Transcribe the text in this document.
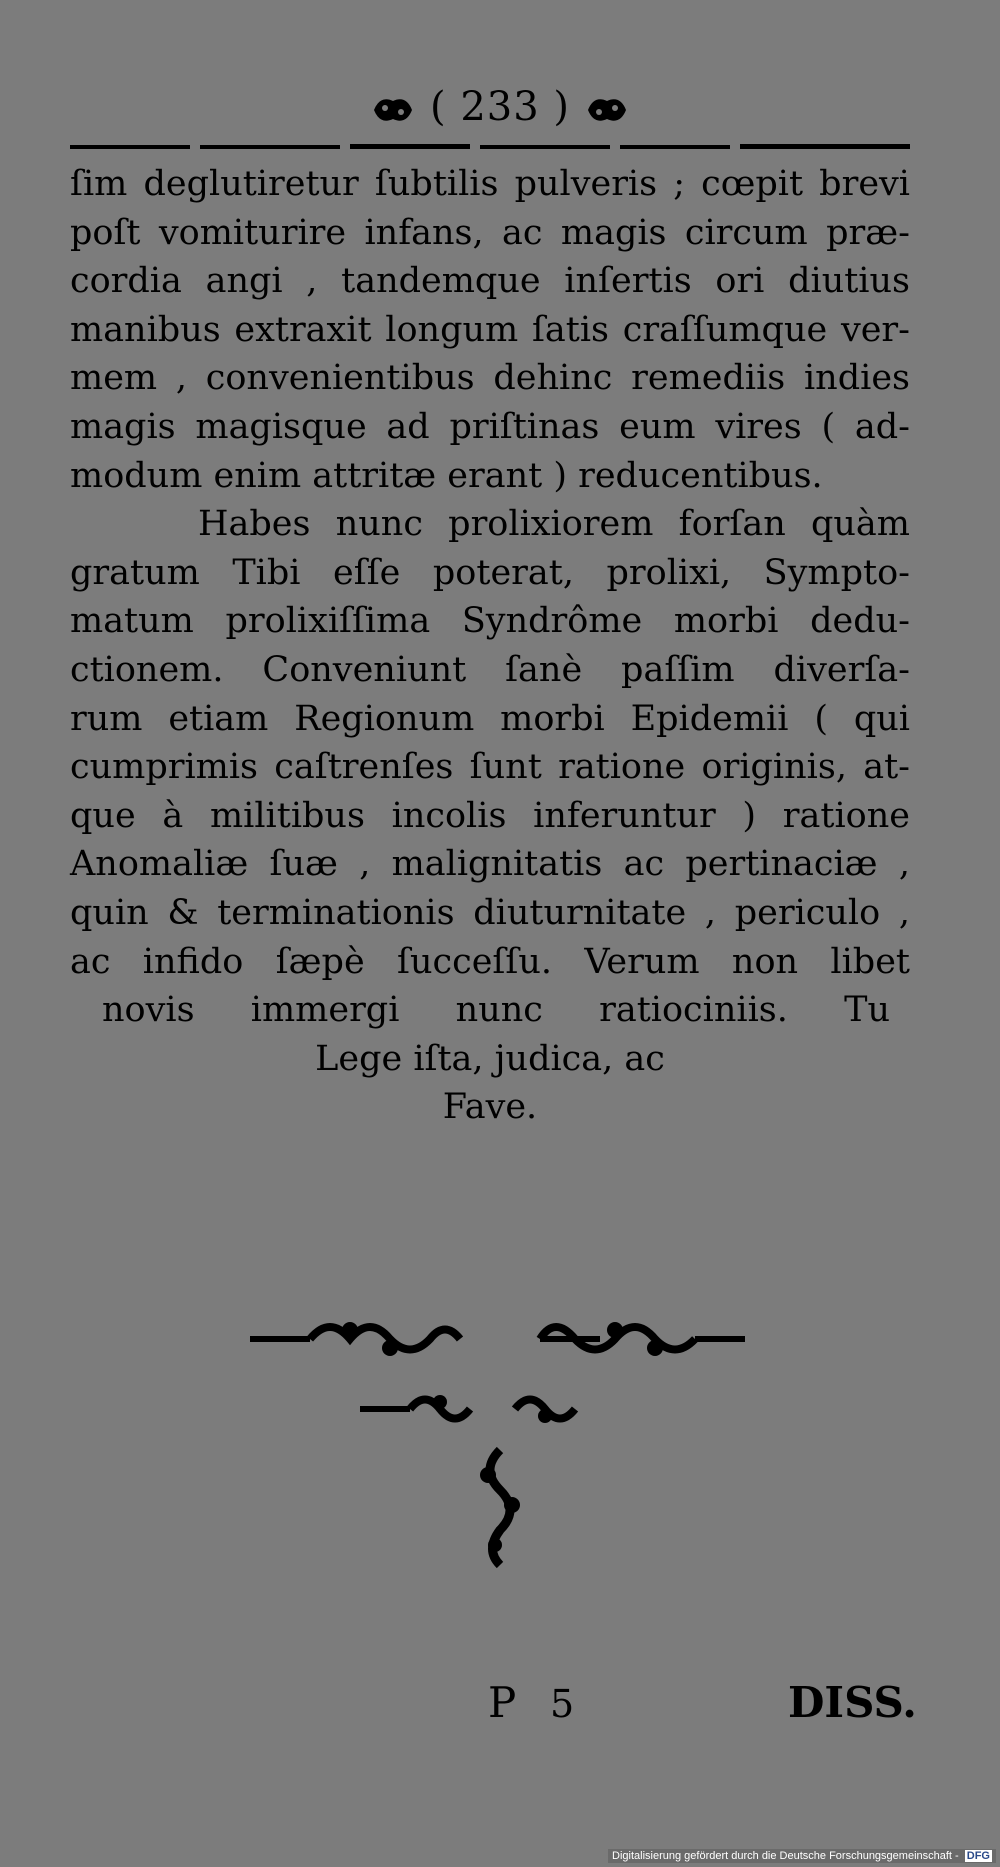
( 233 )
ſim deglutiretur ſubtilis pulveris ; cœpit brevi
poſt vomiturire infans, ac magis circum præ-
cordia angi , tandemque inſertis ori diutius
manibus extraxit longum ſatis craſſumque ver-
mem , convenientibus dehinc remediis indies
magis magisque ad priſtinas eum vires ( ad-
modum enim attritæ erant ) reducentibus.
Habes nunc prolixiorem forſan quàm
gratum Tibi eſſe poterat, prolixi, Sympto-
matum prolixiſſima Syndrôme morbi dedu-
ctionem. Conveniunt ſanè paſſim diverſa-
rum etiam Regionum morbi Epidemii ( qui
cumprimis caſtrenſes ſunt ratione originis, at-
que à militibus incolis inferuntur ) ratione
Anomaliæ ſuæ , malignitatis ac pertinaciæ ,
quin & terminationis diuturnitate , periculo ,
ac infido ſæpè ſucceſſu. Verum non libet
novis immergi nunc ratiociniis. Tu
Lege iſta, judica, ac
Fave.
P 5	DISS.
Digitalisierung gefördert durch die Deutsche Forschungsgemeinschaft - DFG
